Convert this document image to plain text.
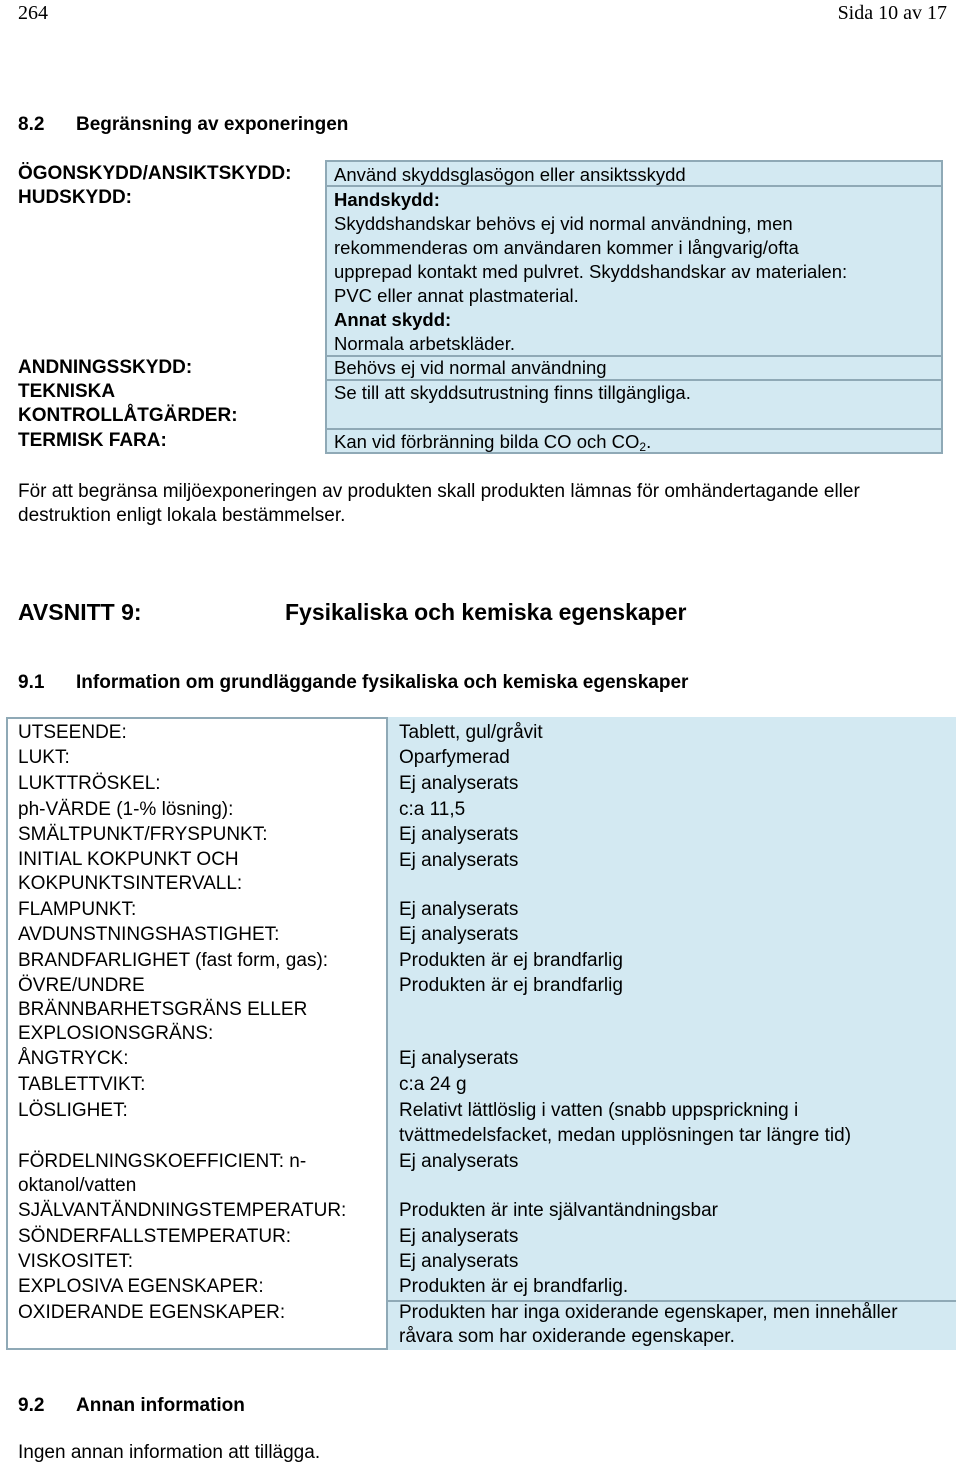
264	Sida 10 av 17
8.2 Begränsning av exponeringen
ÖGONSKYDD/ANSIKTSKYDD:
HUDSKYDD:
ANDNINGSSKYDD:
TEKNISKA
KONTROLLÅTGÄRDER:
TERMISK FARA:
Använd skyddsglasögon eller ansiktsskydd
Handskydd:
Skyddshandskar behövs ej vid normal användning, men
rekommenderas om användaren kommer i långvarig/ofta
upprepad kontakt med pulvret. Skyddshandskar av materialen:
PVC eller annat plastmaterial.
Annat skydd:
Normala arbetskläder.
Behövs ej vid normal användning
Se till att skyddsutrustning finns tillgängliga.
Kan vid förbränning bilda CO och $CO_2$.
För att begränsa miljöexponeringen av produkten skall produkten lämnas för omhändertagande eller
destruktion enligt lokala bestämmelser.
AVSNITT 9:	Fysikaliska och kemiska egenskaper
9.1 Information om grundläggande fysikaliska och kemiska egenskaper
UTSEENDE:
LUKT:
LUKTTRÖSKEL:
ph-VÄRDE (1-% lösning):
SMÄLTPUNKT/FRYSPUNKT:
INITIAL KOKPUNKT OCH
KOKPUNKTSINTERVALL:
FLAMPUNKT:
AVDUNSTNINGSHASTIGHET:
BRANDFARLIGHET (fast form, gas):
ÖVRE/UNDRE
BRÄNNBARHETSGRÄNS ELLER
EXPLOSIONSGRÄNS:
ÅNGTRYCK:
TABLETTVIKT:
LÖSLIGHET:
FÖRDELNINGSKOEFFICIENT: n-
oktanol/vatten
SJÄLVANTÄNDNINGSTEMPERATUR:
SÖNDERFALLSTEMPERATUR:
VISKOSITET:
EXPLOSIVA EGENSKAPER:
OXIDERANDE EGENSKAPER:
Tablett, gul/gråvit
Oparfymerad
Ej analyserats
c:a 11,5
Ej analyserats
Ej analyserats
Ej analyserats
Ej analyserats
Produkten är ej brandfarlig
Produkten är ej brandfarlig
Ej analyserats
c:a 24 g
Relativt lättlöslig i vatten (snabb uppsprickning i
tvättmedelsfacket, medan upplösningen tar längre tid)
Ej analyserats
Produkten är inte självantändningsbar
Ej analyserats
Ej analyserats
Produkten är ej brandfarlig.
Produkten har inga oxiderande egenskaper, men innehåller
råvara som har oxiderande egenskaper.
9.2 Annan information
Ingen annan information att tillägga.
